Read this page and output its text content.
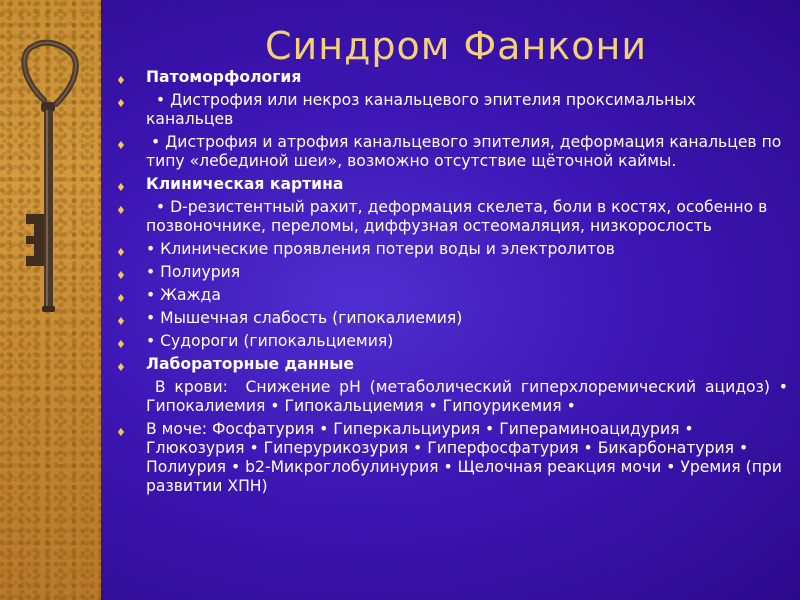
Синдром Фанкони
♦ Патоморфология
♦ • Дистрофия или некроз канальцевого эпителия проксимальных канальцев
♦ • Дистрофия и атрофия канальцевого эпителия, деформация канальцев по типу «лебединой шеи», возможно отсутствие щёточной каймы.
♦ Клиническая картина
♦ • D-резистентный рахит, деформация скелета, боли в костях, особенно в позвоночнике, переломы, диффузная остеомаляция, низкорослость
♦ • Клинические проявления потери воды и электролитов
♦ • Полиурия
♦ • Жажда
♦ • Мышечная слабость (гипокалиемия)
♦ • Судороги (гипокальциемия)
♦ Лабораторные данные
В крови:  Снижение рН (метаболический гиперхлоремический ацидоз) • Гипокалиемия • Гипокальциемия • Гипоурикемия •
♦ В моче: Фосфатурия • Гиперкальциурия • Гипераминоацидурия • Глюкозурия • Гиперурикозурия • Гиперфосфатурия • Бикарбонатурия • Полиурия • b2-Микроглобулинурия • Щелочная реакция мочи • Уремия (при развитии ХПН)
